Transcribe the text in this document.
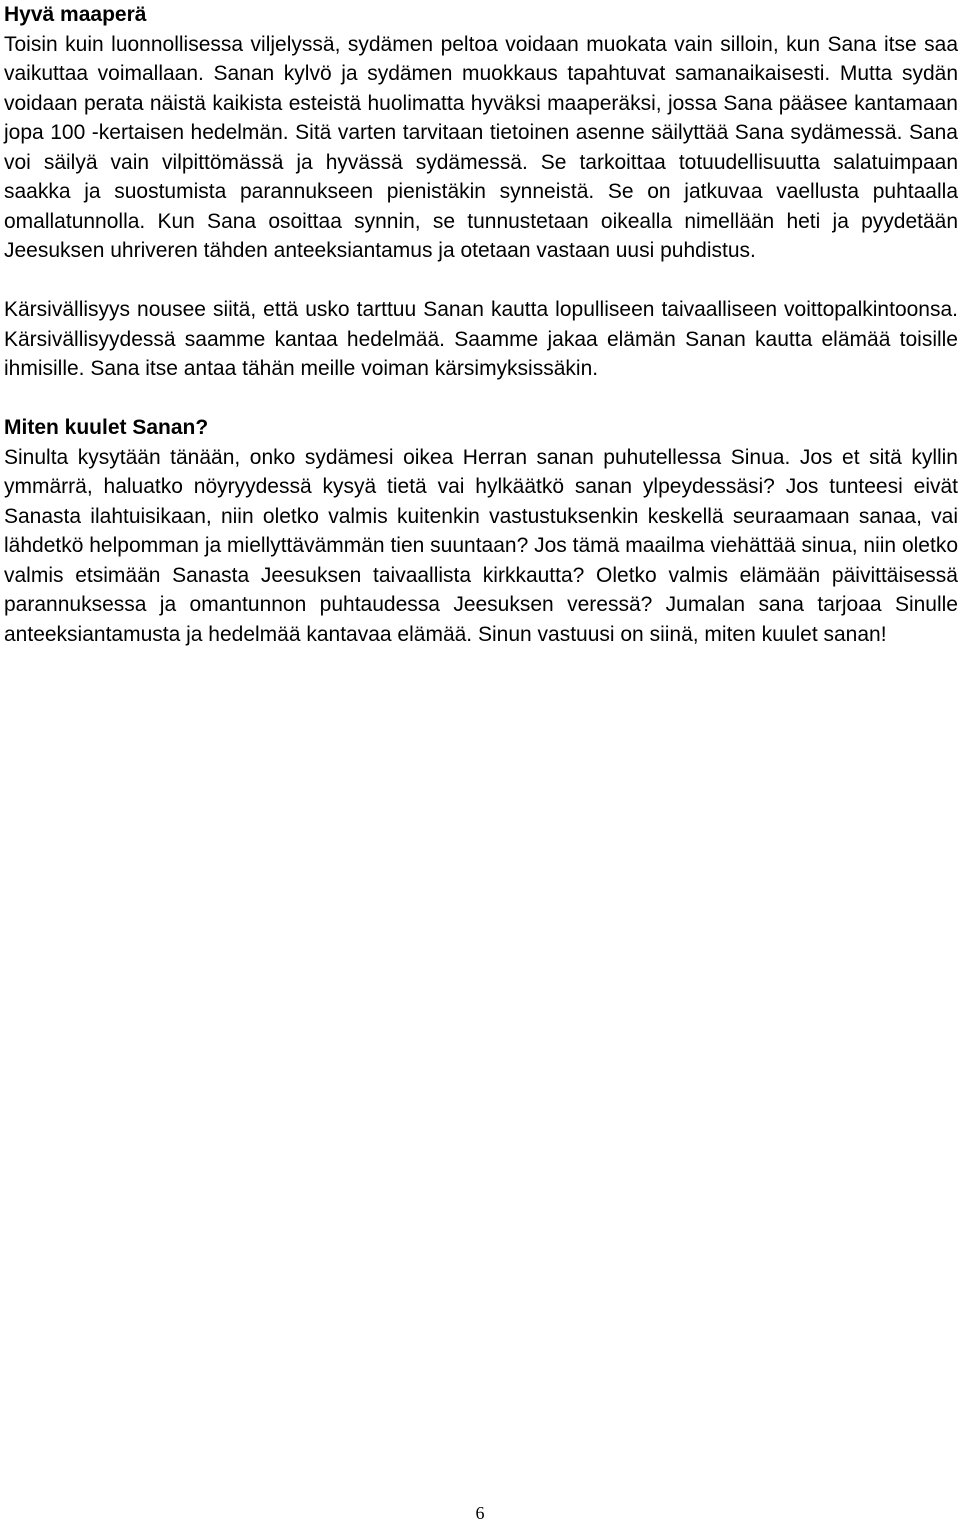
Hyvä maaperä

Toisin kuin luonnollisessa viljelyssä, sydämen peltoa voidaan muokata vain silloin, kun Sana itse saa vaikuttaa voimallaan. Sanan kylvö ja sydämen muokkaus tapahtuvat samanaikaisesti. Mutta sydän voidaan perata näistä kaikista esteistä huolimatta hyväksi maaperäksi, jossa Sana pääsee kantamaan jopa 100 -kertaisen hedelmän. Sitä varten tarvitaan tietoinen asenne säilyttää Sana sydämessä. Sana voi säilyä vain vilpittömässä ja hyvässä sydämessä. Se tarkoittaa totuudellisuutta salatuimpaan saakka ja suostumista parannukseen pienistäkin synneistä. Se on jatkuvaa vaellusta puhtaalla omallatunnolla. Kun Sana osoittaa synnin, se tunnustetaan oikealla nimellään heti ja pyydetään Jeesuksen uhriveren tähden anteeksiantamus ja otetaan vastaan uusi puhdistus.

Kärsivällisyys nousee siitä, että usko tarttuu Sanan kautta lopulliseen taivaalliseen voittopalkintoonsa. Kärsivällisyydessä saamme kantaa hedelmää. Saamme jakaa elämän Sanan kautta elämää toisille ihmisille. Sana itse antaa tähän meille voiman kärsimyksissäkin.

Miten kuulet Sanan?

Sinulta kysytään tänään, onko sydämesi oikea Herran sanan puhutellessa Sinua. Jos et sitä kyllin ymmärrä, haluatko nöyryydessä kysyä tietä vai hylkäätkö sanan ylpeydessäsi? Jos tunteesi eivät Sanasta ilahtuisikaan, niin oletko valmis kuitenkin vastustuksenkin keskellä seuraamaan sanaa, vai lähdetkö helpomman ja miellyttävämmän tien suuntaan? Jos tämä maailma viehättää sinua, niin oletko valmis etsimään Sanasta Jeesuksen taivaallista kirkkautta? Oletko valmis elämään päivittäisessä parannuksessa ja omantunnon puhtaudessa Jeesuksen veressä? Jumalan sana tarjoaa Sinulle anteeksiantamusta ja hedelmää kantavaa elämää. Sinun vastuusi on siinä, miten kuulet sanan!

6
